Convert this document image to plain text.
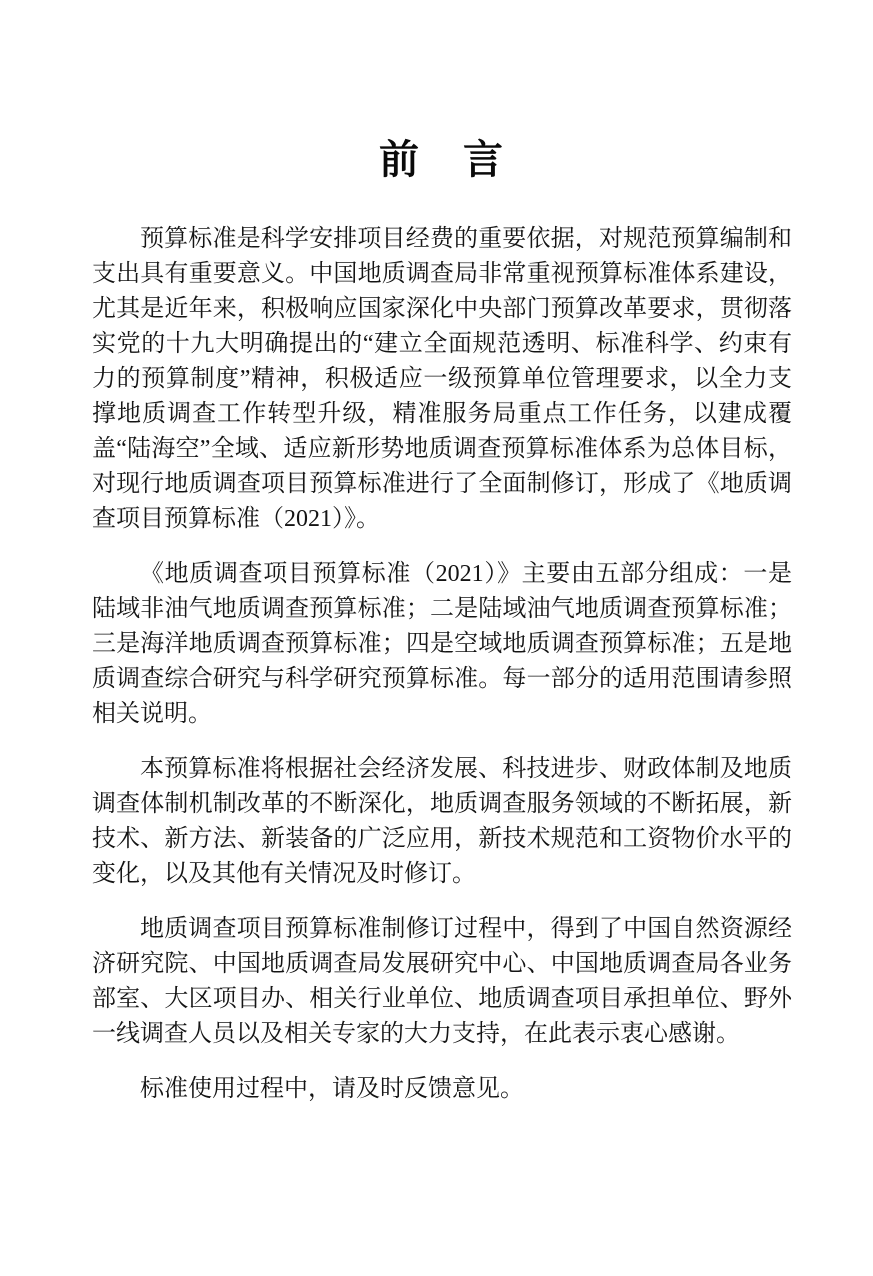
前　言

预算标准是科学安排项目经费的重要依据，对规范预算编制和支出具有重要意义。中国地质调查局非常重视预算标准体系建设，尤其是近年来，积极响应国家深化中央部门预算改革要求，贯彻落实党的十九大明确提出的“建立全面规范透明、标准科学、约束有力的预算制度”精神，积极适应一级预算单位管理要求，以全力支撑地质调查工作转型升级，精准服务局重点工作任务，以建成覆盖“陆海空”全域、适应新形势地质调查预算标准体系为总体目标，对现行地质调查项目预算标准进行了全面制修订，形成了《地质调查项目预算标准（2021）》。

《地质调查项目预算标准（2021）》主要由五部分组成：一是陆域非油气地质调查预算标准；二是陆域油气地质调查预算标准；三是海洋地质调查预算标准；四是空域地质调查预算标准；五是地质调查综合研究与科学研究预算标准。每一部分的适用范围请参照相关说明。

本预算标准将根据社会经济发展、科技进步、财政体制及地质调查体制机制改革的不断深化，地质调查服务领域的不断拓展，新技术、新方法、新装备的广泛应用，新技术规范和工资物价水平的变化，以及其他有关情况及时修订。

地质调查项目预算标准制修订过程中，得到了中国自然资源经济研究院、中国地质调查局发展研究中心、中国地质调查局各业务部室、大区项目办、相关行业单位、地质调查项目承担单位、野外一线调查人员以及相关专家的大力支持，在此表示衷心感谢。

标准使用过程中，请及时反馈意见。
